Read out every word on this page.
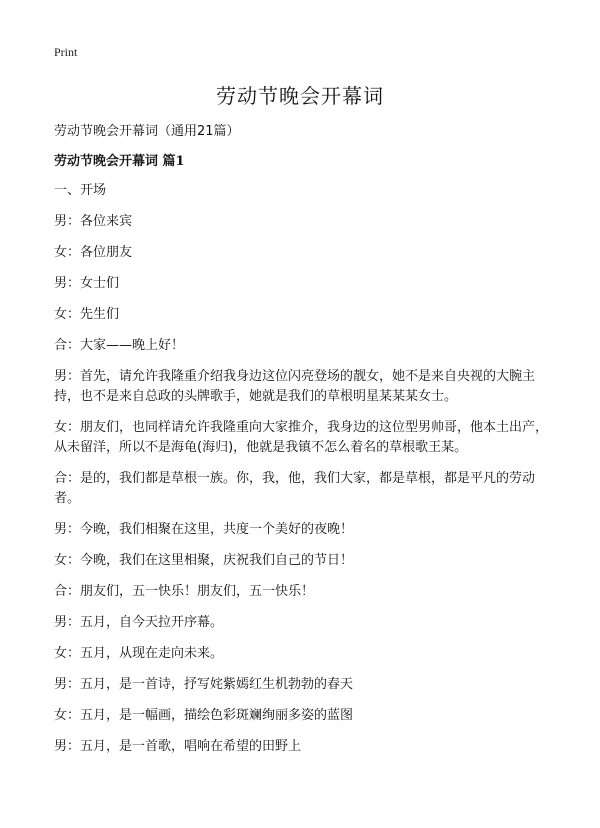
Print
劳动节晚会开幕词
劳动节晚会开幕词（通用21篇）
劳动节晚会开幕词 篇1

一、开场

男：各位来宾

女：各位朋友

男：女士们

女：先生们

合：大家——晚上好！

男：首先，请允许我隆重介绍我身边这位闪亮登场的靓女，她不是来自央视的大腕主持，也不是来自总政的头牌歌手，她就是我们的草根明星某某某女士。

女：朋友们，也同样请允许我隆重向大家推介，我身边的这位型男帅哥，他本土出产，从未留洋，所以不是海龟(海归)，他就是我镇不怎么着名的草根歌王某。

合：是的，我们都是草根一族。你，我，他，我们大家，都是草根，都是平凡的劳动者。

男：今晚，我们相聚在这里，共度一个美好的夜晚！

女：今晚，我们在这里相聚，庆祝我们自己的节日！

合：朋友们，五一快乐！朋友们，五一快乐！

男：五月，自今天拉开序幕。

女：五月，从现在走向未来。

男：五月，是一首诗，抒写姹紫嫣红生机勃勃的春天

女：五月，是一幅画，描绘色彩斑斓绚丽多姿的蓝图

男：五月，是一首歌，唱响在希望的田野上
